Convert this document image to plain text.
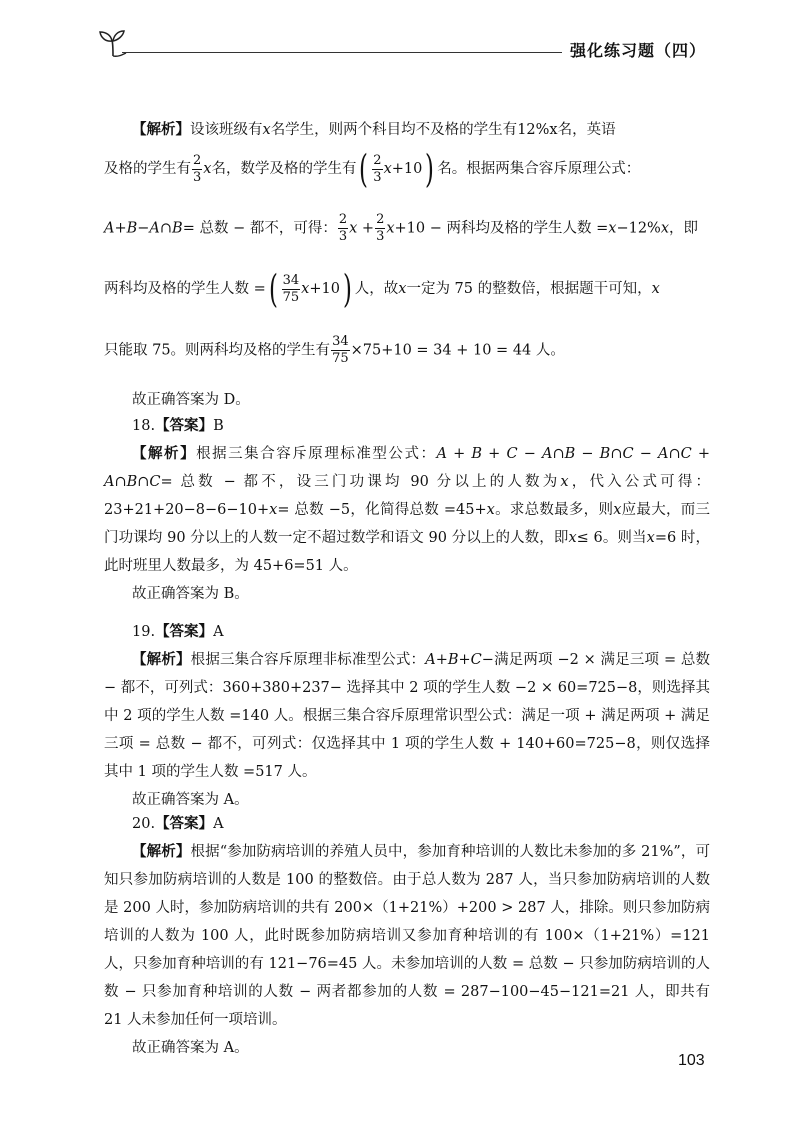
强化练习题（四）
【解析】设该班级有x名学生，则两个科目均不及格的学生有12%x名，英语
及格的学生有 $\frac{2}{3}$ x名，数学及格的学生有( $\frac{2}{3} x+10$) 名。根据两集合容斥原理公式：
A+B−A∩B= 总数 − 都不，可得： $\frac{2}{3}$ $x + \frac{2}{3} x+10$ − 两科均及格的学生人数 =x−12%x，即
两科均及格的学生人数 =( $\frac{34}{75} x+10$) 人，故x一定为 75 的整数倍，根据题干可知，x
只能取 75。则两科均及格的学生有 $\frac{34}{75} \times 75+10 = 34 + 10 = 44$ 人。
故正确答案为 D。
18.【答案】B
【解析】根据三集合容斥原理标准型公式：A + B + C − A∩B − B∩C − A∩C + A∩B∩C= 总数 − 都不，设三门功课均 90 分以上的人数为x，代入公式可得：23+21+20−8−6−10+x= 总数 −5，化简得总数 =45+x。求总数最多，则x应最大，而三门功课均 90 分以上的人数一定不超过数学和语文 90 分以上的人数，即x≤ 6。则当x=6 时，此时班里人数最多，为 45+6=51 人。
故正确答案为 B。
19.【答案】A
【解析】根据三集合容斥原理非标准型公式：A+B+C−满足两项 −2 × 满足三项 = 总数 − 都不，可列式：360+380+237− 选择其中 2 项的学生人数 −2 × 60=725−8，则选择其中 2 项的学生人数 =140 人。根据三集合容斥原理常识型公式：满足一项 + 满足两项 + 满足三项 = 总数 − 都不，可列式：仅选择其中 1 项的学生人数 + 140+60=725−8，则仅选择其中 1 项的学生人数 =517 人。
故正确答案为 A。
20.【答案】A
【解析】根据“参加防病培训的养殖人员中，参加育种培训的人数比未参加的多 21%”，可知只参加防病培训的人数是 100 的整数倍。由于总人数为 287 人，当只参加防病培训的人数是 200 人时，参加防病培训的共有 200×（1+21%）+200 > 287 人，排除。则只参加防病培训的人数为 100 人，此时既参加防病培训又参加育种培训的有 100×（1+21%）=121 人，只参加育种培训的有 121−76=45 人。未参加培训的人数 = 总数 − 只参加防病培训的人数 − 只参加育种培训的人数 − 两者都参加的人数 = 287−100−45−121=21 人，即共有 21 人未参加任何一项培训。
故正确答案为 A。
103
